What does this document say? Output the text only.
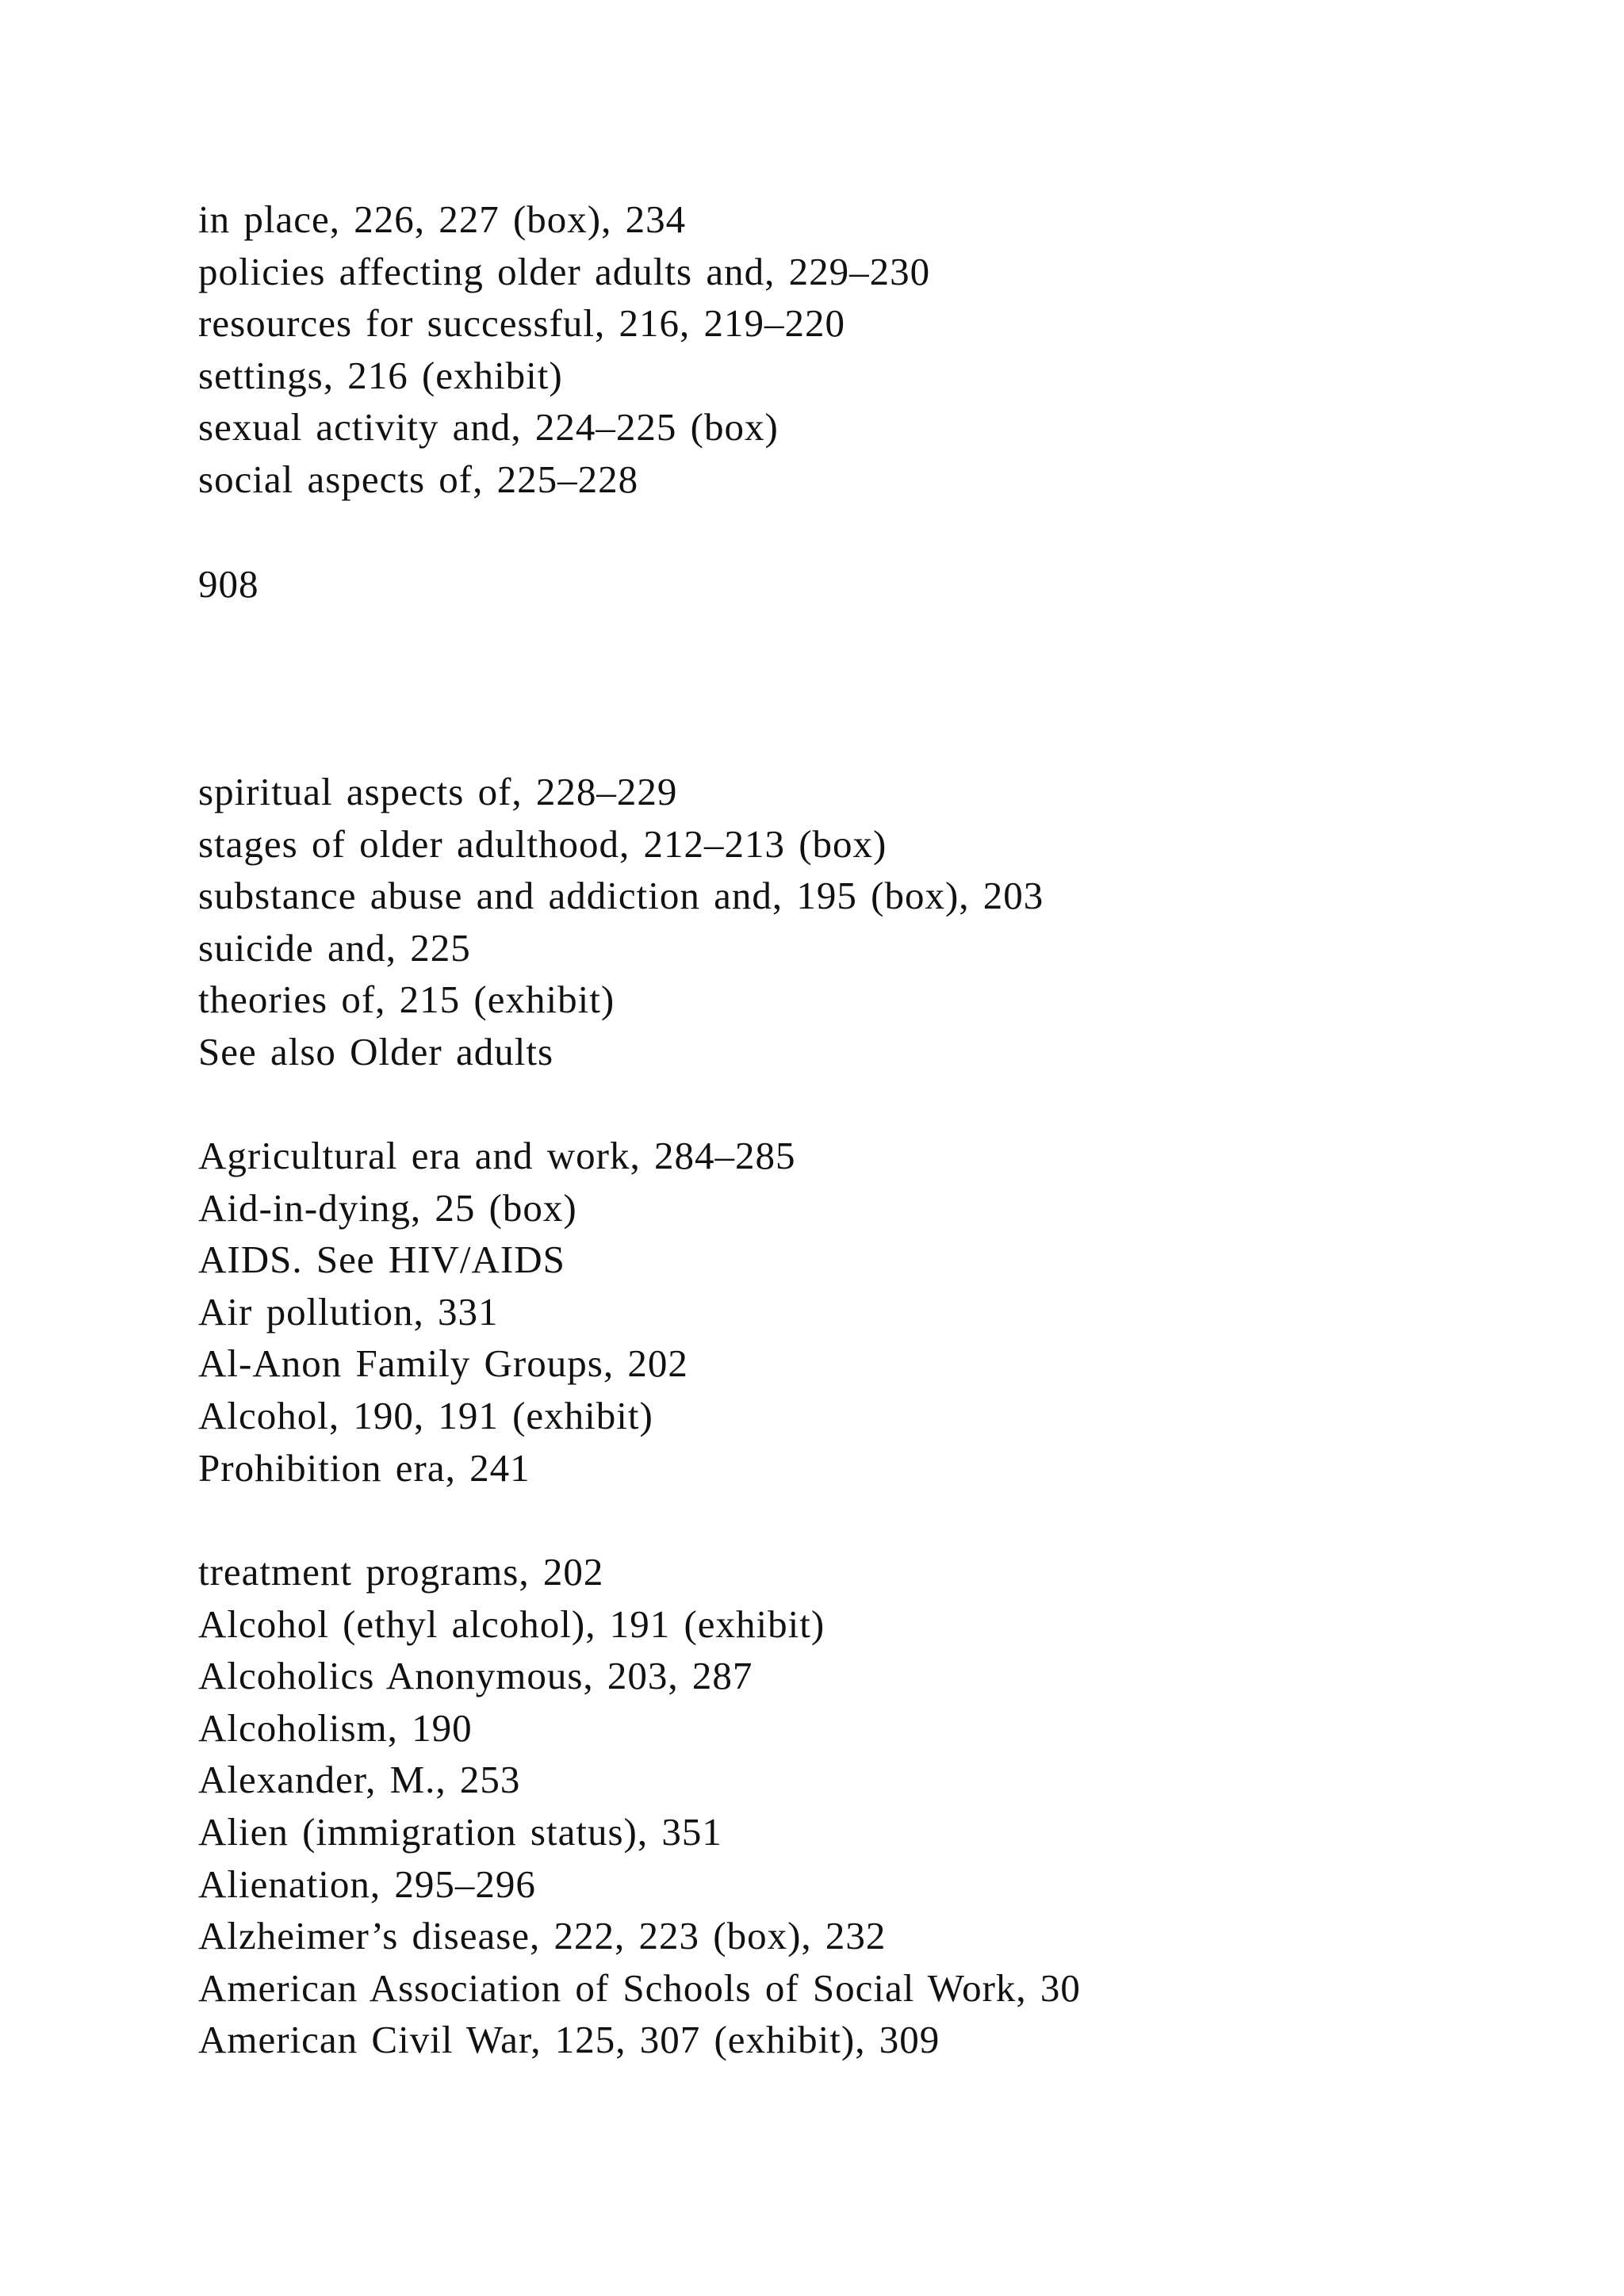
in place, 226, 227 (box), 234
policies affecting older adults and, 229–230
resources for successful, 216, 219–220
settings, 216 (exhibit)
sexual activity and, 224–225 (box)
social aspects of, 225–228
908
spiritual aspects of, 228–229
stages of older adulthood, 212–213 (box)
substance abuse and addiction and, 195 (box), 203
suicide and, 225
theories of, 215 (exhibit)
See also Older adults
Agricultural era and work, 284–285
Aid-in-dying, 25 (box)
AIDS. See HIV/AIDS
Air pollution, 331
Al-Anon Family Groups, 202
Alcohol, 190, 191 (exhibit)
Prohibition era, 241
treatment programs, 202
Alcohol (ethyl alcohol), 191 (exhibit)
Alcoholics Anonymous, 203, 287
Alcoholism, 190
Alexander, M., 253
Alien (immigration status), 351
Alienation, 295–296
Alzheimer’s disease, 222, 223 (box), 232
American Association of Schools of Social Work, 30
American Civil War, 125, 307 (exhibit), 309
